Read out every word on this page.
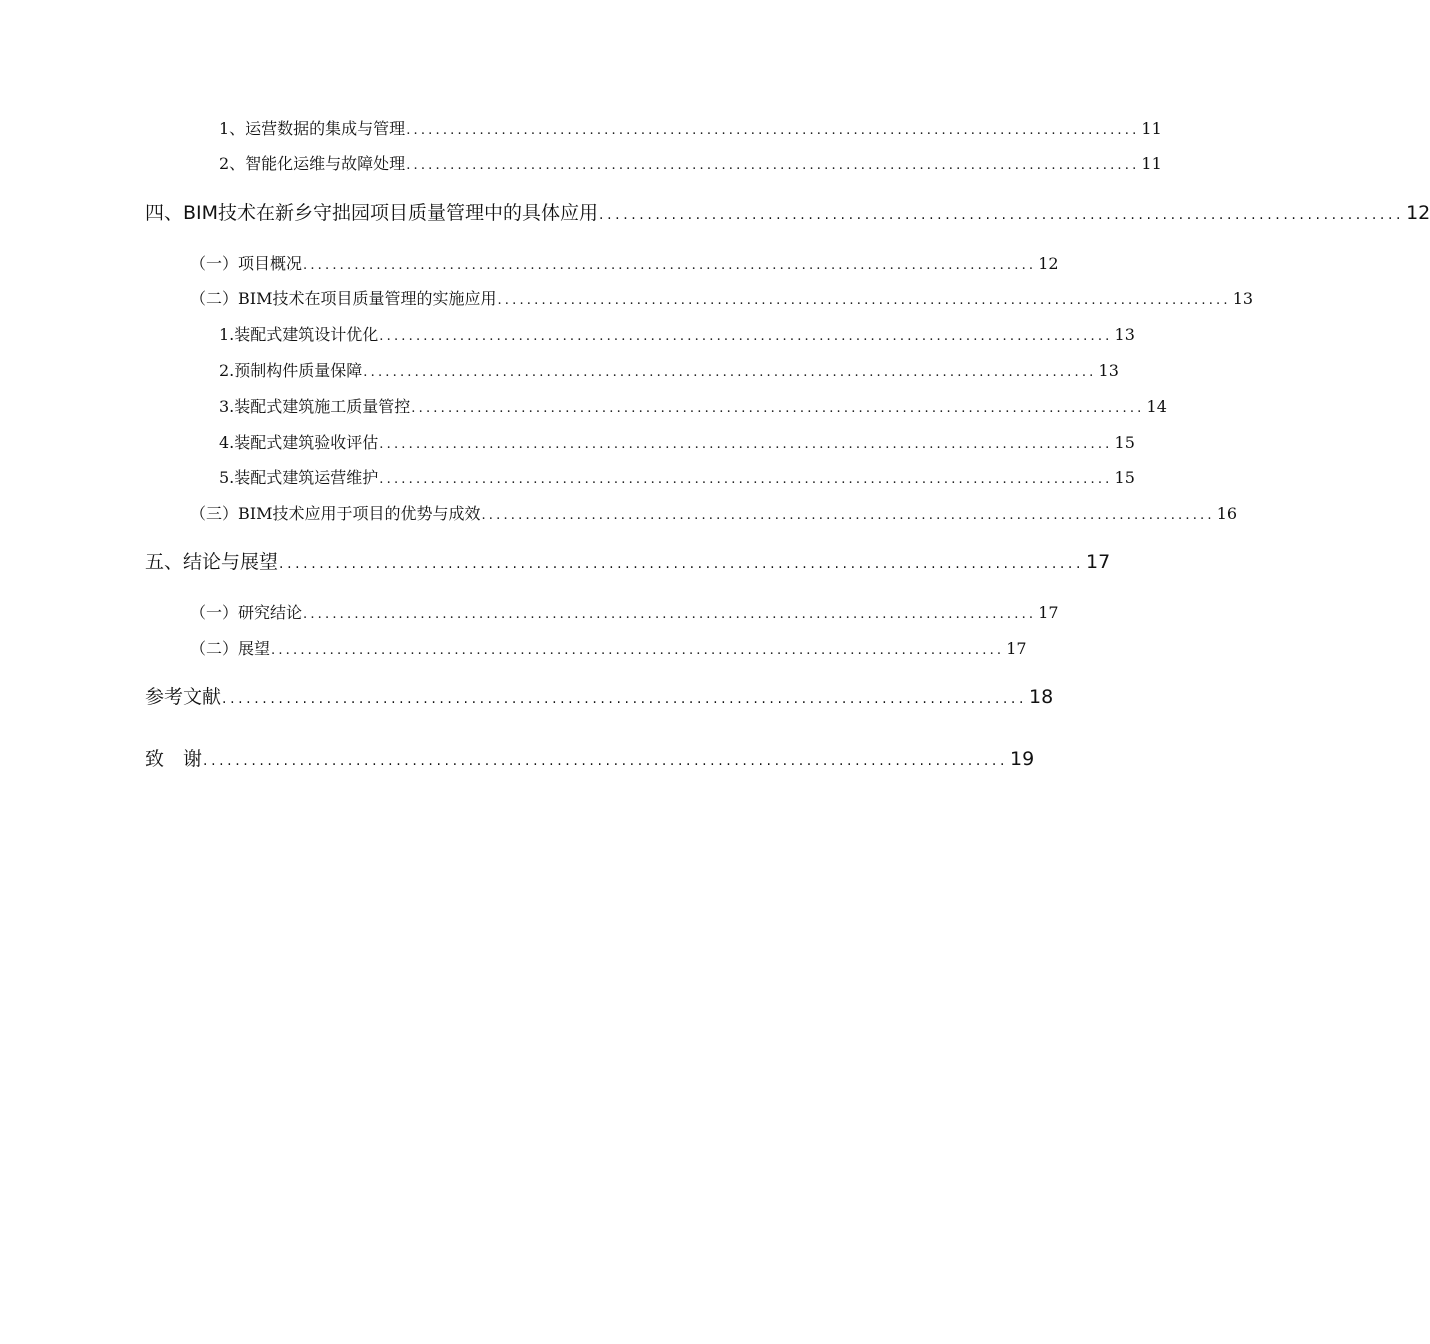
1、运营数据的集成与管理 .................................................................................................... 11
2、智能化运维与故障处理 .................................................................................................... 11
四、BIM技术在新乡守拙园项目质量管理中的具体应用 .................................................................................................... 12
（一）项目概况 .................................................................................................... 12
（二）BIM技术在项目质量管理的实施应用 .................................................................................................... 13
1.装配式建筑设计优化 .................................................................................................... 13
2.预制构件质量保障 .................................................................................................... 13
3.装配式建筑施工质量管控 .................................................................................................... 14
4.装配式建筑验收评估 .................................................................................................... 15
5.装配式建筑运营维护 .................................................................................................... 15
（三）BIM技术应用于项目的优势与成效 .................................................................................................... 16
五、结论与展望 .................................................................................................... 17
（一）研究结论 .................................................................................................... 17
（二）展望 .................................................................................................... 17
参考文献 .................................................................................................... 18
致　谢 .................................................................................................... 19
